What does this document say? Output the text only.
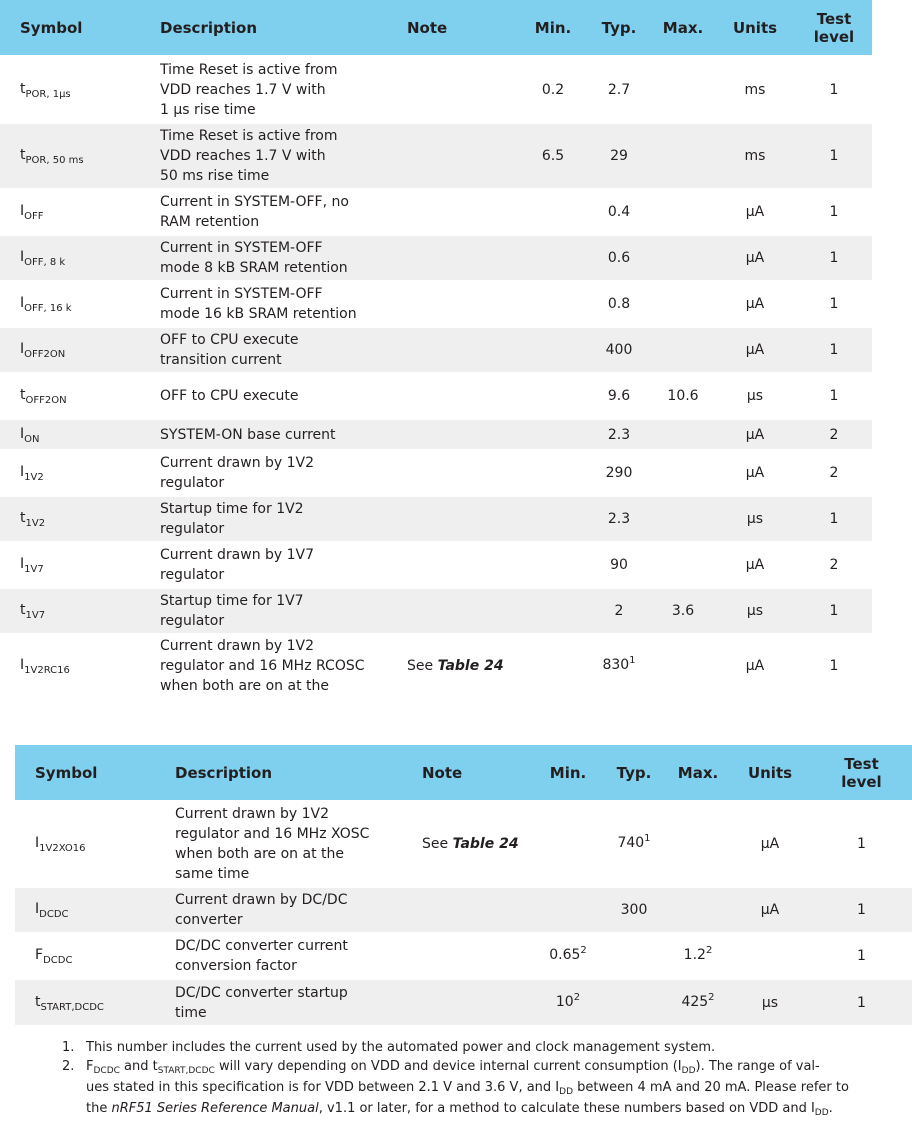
Symbol	Description	Note	Min.	Typ.	Max.	Units	Test
level
$t_{POR, 1\mu s}$	Time Reset is active from
VDD reaches 1.7 V with
1 µs rise time		0.2	2.7		ms	1
$t_{POR, 50 ms}$	Time Reset is active from
VDD reaches 1.7 V with
50 ms rise time		6.5	29		ms	1
$I_{OFF}$	Current in SYSTEM-OFF, no
RAM retention			0.4		µA	1
$I_{OFF, 8 k}$	Current in SYSTEM-OFF
mode 8 kB SRAM retention			0.6		µA	1
$I_{OFF, 16 k}$	Current in SYSTEM-OFF
mode 16 kB SRAM retention			0.8		µA	1
$I_{OFF2ON}$	OFF to CPU execute
transition current			400		µA	1
$t_{OFF2ON}$	OFF to CPU execute			9.6	10.6	µs	1
$I_{ON}$	SYSTEM-ON base current			2.3		µA	2
$I_{1V2}$	Current drawn by 1V2
regulator			290		µA	2
$t_{1V2}$	Startup time for 1V2
regulator			2.3		µs	1
$I_{1V7}$	Current drawn by 1V7
regulator			90		µA	2
$t_{1V7}$	Startup time for 1V7
regulator			2	3.6	µs	1
$I_{1V2RC16}$	Current drawn by 1V2
regulator and 16 MHz RCOSC
when both are on at the	See Table 24		$830^1$		µA	1
Symbol	Description	Note	Min.	Typ.	Max.	Units	Test
level
$I_{1V2XO16}$	Current drawn by 1V2
regulator and 16 MHz XOSC
when both are on at the
same time	See Table 24		$740^1$		µA	1
$I_{DCDC}$	Current drawn by DC/DC
converter			300		µA	1
$F_{DCDC}$	DC/DC converter current
conversion factor		0.65$^2$		$1.2^2$		1
$t_{START,DCDC}$	DC/DC converter startup
time		$10^2$		$425^2$	µs	1
1. This number includes the current used by the automated power and clock management system.
2. $F_{DCDC}$ and $t_{START,DCDC}$ will vary depending on VDD and device internal current consumption $(I_{DD})$. The range of val-
ues stated in this specification is for VDD between 2.1 V and 3.6 V, and $I_{DD}$ between 4 mA and 20 mA. Please refer to
the nRF51 Series Reference Manual, v1.1 or later, for a method to calculate these numbers based on VDD and $I_{DD}$.
